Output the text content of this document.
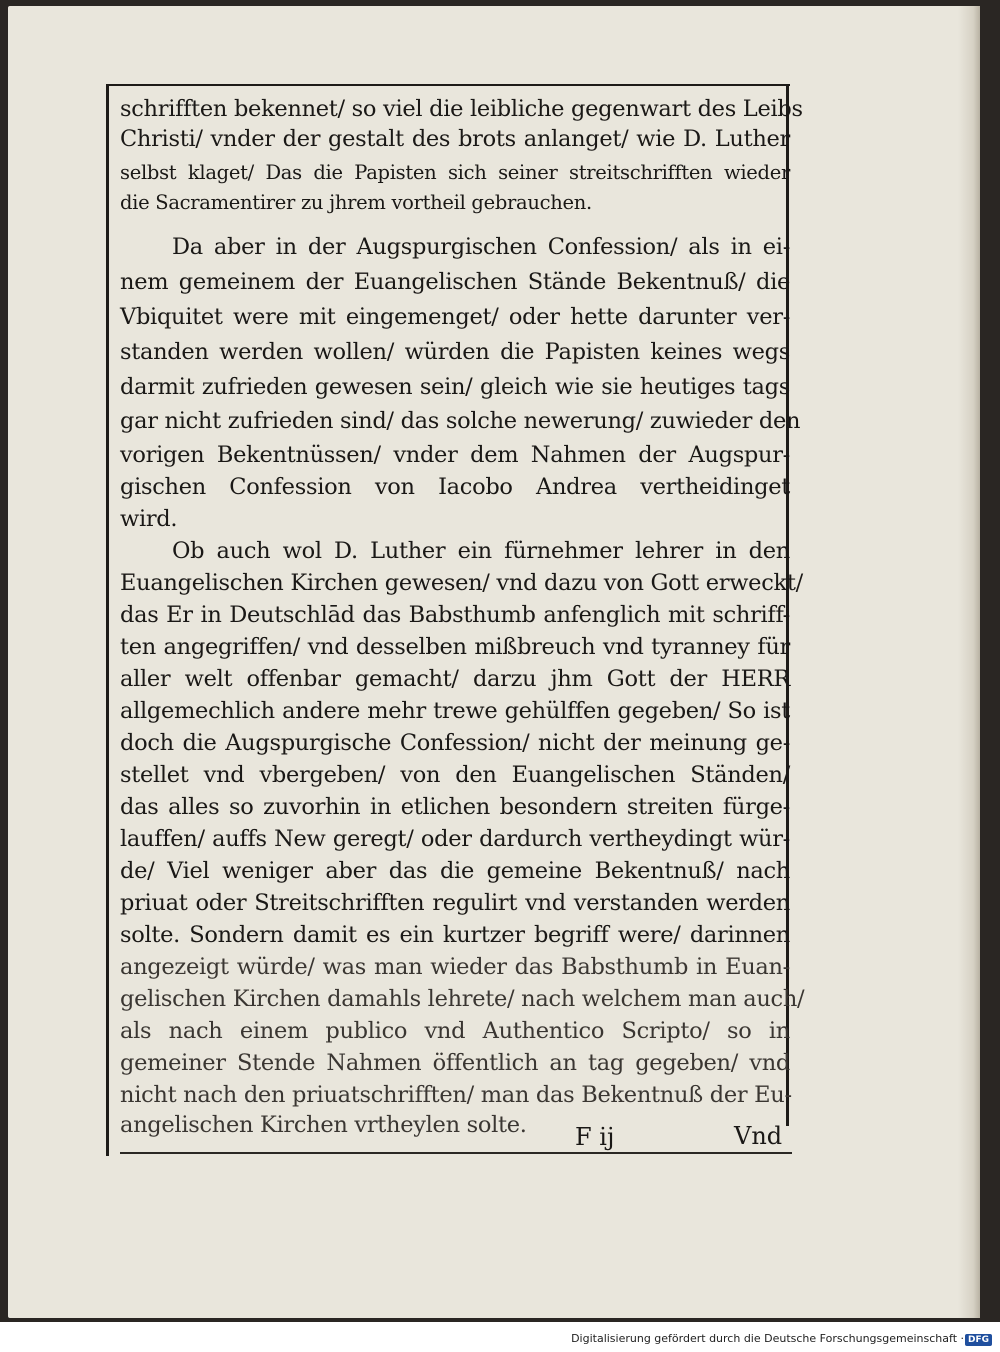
schrifften bekennet/ so viel die leibliche gegenwart des Leibs
Christi/ vnder der gestalt des brots anlanget/ wie D. Luther
selbst klaget/ Das die Papisten sich seiner streitschrifften wieder
die Sacramentirer zu jhrem vortheil gebrauchen.
Da aber in der Augspurgischen Confession/ als in ei-
nem gemeinem der Euangelischen Stände Bekentnuß/ die
Vbiquitet were mit eingemenget/ oder hette darunter ver-
standen werden wollen/ würden die Papisten keines wegs
darmit zufrieden gewesen sein/ gleich wie sie heutiges tags
gar nicht zufrieden sind/ das solche newerung/ zuwieder den
vorigen Bekentnüssen/ vnder dem Nahmen der Augspur-
gischen Confession von Iacobo Andrea vertheidinget
wird.
Ob auch wol D. Luther ein fürnehmer lehrer in den
Euangelischen Kirchen gewesen/ vnd dazu von Gott erweckt/
das Er in Deutschlād das Babsthumb anfenglich mit schriff-
ten angegriffen/ vnd desselben mißbreuch vnd tyranney für
aller welt offenbar gemacht/ darzu jhm Gott der HERR
allgemechlich andere mehr trewe gehülffen gegeben/ So ist
doch die Augspurgische Confession/ nicht der meinung ge-
stellet vnd vbergeben/ von den Euangelischen Ständen/
das alles so zuvorhin in etlichen besondern streiten fürge-
lauffen/ auffs New geregt/ oder dardurch vertheydingt wür-
de/ Viel weniger aber das die gemeine Bekentnuß/ nach
priuat oder Streitschrifften regulirt vnd verstanden werden
solte. Sondern damit es ein kurtzer begriff were/ darinnen
angezeigt würde/ was man wieder das Babsthumb in Euan-
gelischen Kirchen damahls lehrete/ nach welchem man auch/
als nach einem publico vnd Authentico Scripto/ so in
gemeiner Stende Nahmen öffentlich an tag gegeben/ vnd
nicht nach den priuatschrifften/ man das Bekentnuß der Eu-
angelischen Kirchen vrtheylen solte.	F ij	Vnd
Digitalisierung gefördert durch die Deutsche Forschungsgemeinschaft · DFG
